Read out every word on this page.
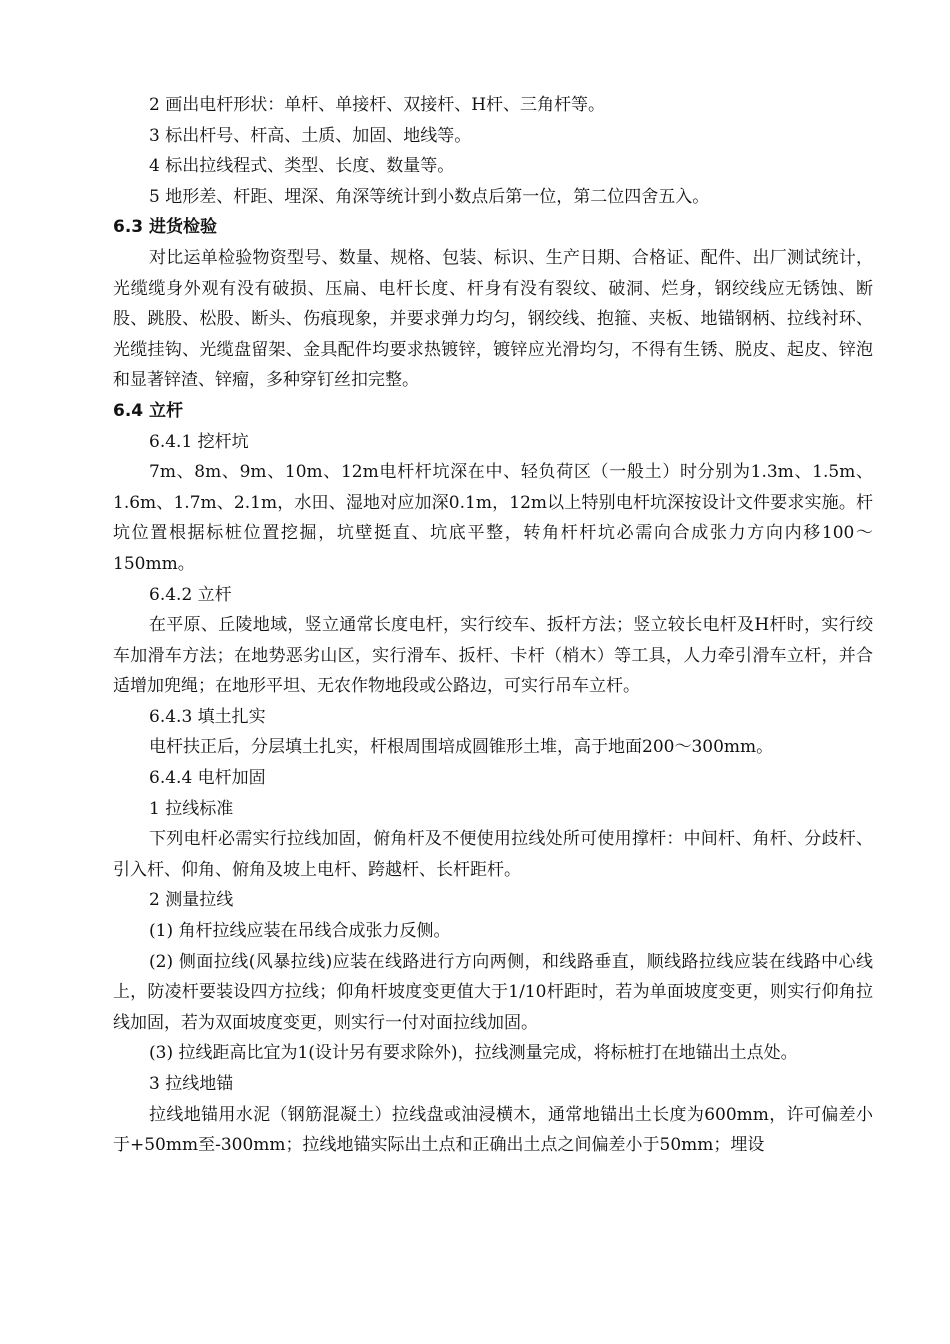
2 画出电杆形状：单杆、单接杆、双接杆、H杆、三角杆等。

3 标出杆号、杆高、土质、加固、地线等。

4 标出拉线程式、类型、长度、数量等。

5 地形差、杆距、埋深、角深等统计到小数点后第一位，第二位四舍五入。

6.3 进货检验

对比运单检验物资型号、数量、规格、包装、标识、生产日期、合格证、配件、出厂测试统计，光缆缆身外观有没有破损、压扁、电杆长度、杆身有没有裂纹、破洞、烂身，钢绞线应无锈蚀、断股、跳股、松股、断头、伤痕现象，并要求弹力均匀，钢绞线、抱箍、夹板、地锚钢柄、拉线衬环、光缆挂钩、光缆盘留架、金具配件均要求热镀锌，镀锌应光滑均匀，不得有生锈、脱皮、起皮、锌泡和显著锌渣、锌瘤，多种穿钉丝扣完整。

6.4 立杆

6.4.1 挖杆坑

7m、8m、9m、10m、12m电杆杆坑深在中、轻负荷区（一般土）时分别为1.3m、1.5m、1.6m、1.7m、2.1m，水田、湿地对应加深0.1m，12m以上特别电杆坑深按设计文件要求实施。杆坑位置根据标桩位置挖掘，坑壁挺直、坑底平整，转角杆杆坑必需向合成张力方向内移100～150mm。

6.4.2 立杆

在平原、丘陵地域，竖立通常长度电杆，实行绞车、扳杆方法；竖立较长电杆及H杆时，实行绞车加滑车方法；在地势恶劣山区，实行滑车、扳杆、卡杆（梢木）等工具，人力牵引滑车立杆，并合适增加兜绳；在地形平坦、无农作物地段或公路边，可实行吊车立杆。

6.4.3 填土扎实

电杆扶正后，分层填土扎实，杆根周围培成圆锥形土堆，高于地面200～300mm。

6.4.4 电杆加固

1 拉线标准

下列电杆必需实行拉线加固，俯角杆及不便使用拉线处所可使用撑杆：中间杆、角杆、分歧杆、引入杆、仰角、俯角及坡上电杆、跨越杆、长杆距杆。

2 测量拉线

(1) 角杆拉线应装在吊线合成张力反侧。

(2) 侧面拉线(风暴拉线)应装在线路进行方向两侧，和线路垂直，顺线路拉线应装在线路中心线上，防凌杆要装设四方拉线；仰角杆坡度变更值大于1/10杆距时，若为单面坡度变更，则实行仰角拉线加固，若为双面坡度变更，则实行一付对面拉线加固。

(3) 拉线距高比宜为1(设计另有要求除外)，拉线测量完成，将标桩打在地锚出土点处。

3 拉线地锚

拉线地锚用水泥（钢筋混凝土）拉线盘或油浸横木，通常地锚出土长度为600mm，许可偏差小于+50mm至-300mm；拉线地锚实际出土点和正确出土点之间偏差小于50mm；埋设
